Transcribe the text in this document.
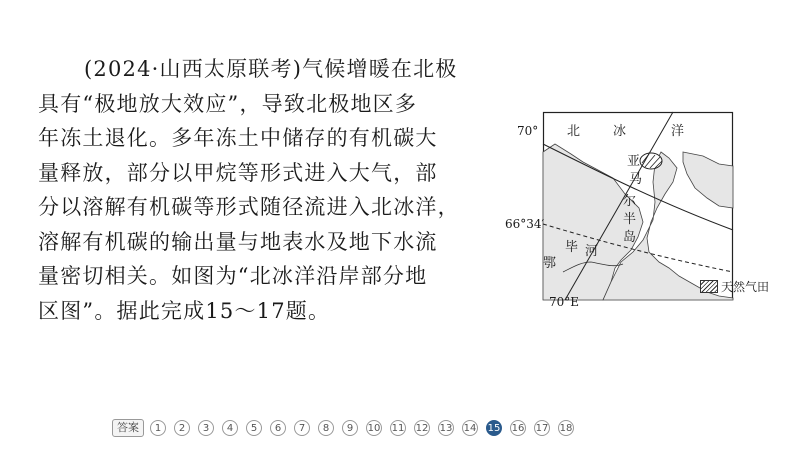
(2024·山西太原联考)气候增暖在北极
具有“极地放大效应”，导致北极地区多
年冻土退化。多年冻土中储存的有机碳大
量释放，部分以甲烷等形式进入大气，部
分以溶解有机碳等形式随径流进入北冰洋，
溶解有机碳的输出量与地表水及地下水流
量密切相关。如图为“北冰洋沿岸部分地
区图”。据此完成15～17题。
70°
66°34′
70°E
北	冰	洋
亚
马
尔
半
岛
鄂
毕 河
天然气田
答案	1	2	3	4	5	6	7	8	9	10 11 12 13 14 15 16 17 18
